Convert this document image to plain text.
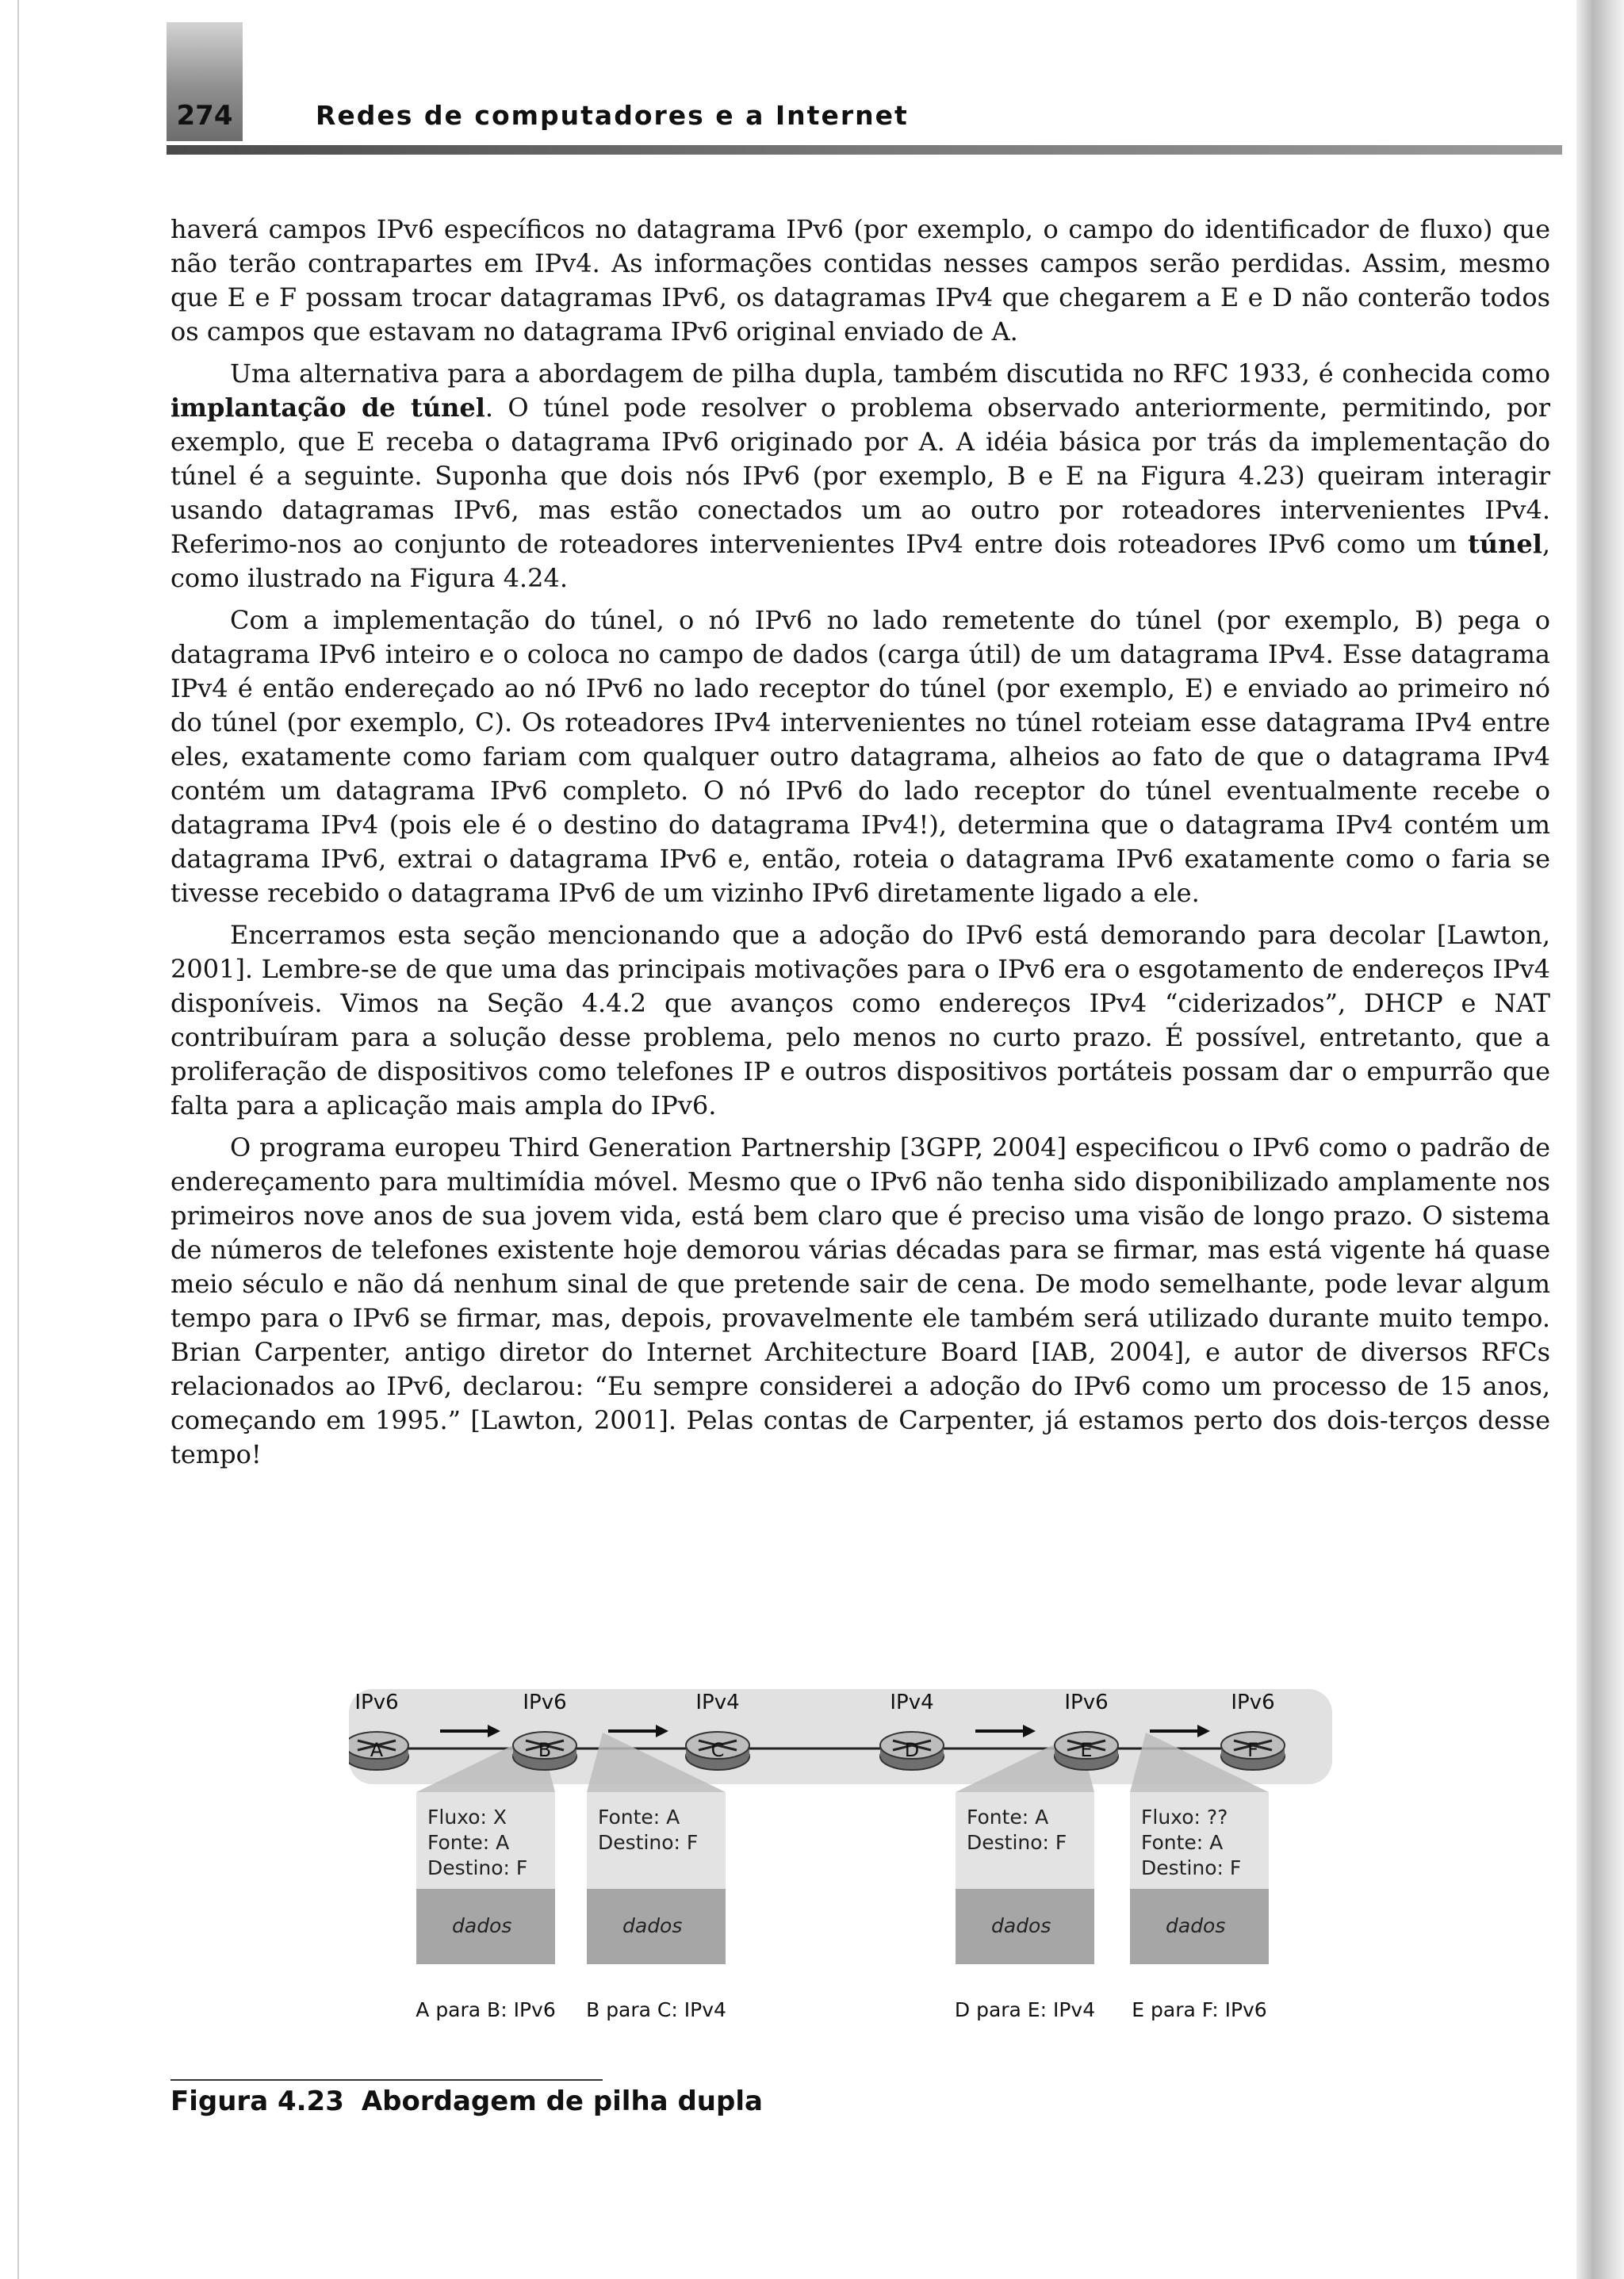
274	Redes de computadores e a Internet

haverá campos IPv6 específicos no datagrama IPv6 (por exemplo, o campo do identificador de fluxo) que não terão contrapartes em IPv4. As informações contidas nesses campos serão perdidas. Assim, mesmo que E e F possam trocar datagramas IPv6, os datagramas IPv4 que chegarem a E e D não conterão todos os campos que estavam no datagrama IPv6 original enviado de A.

Uma alternativa para a abordagem de pilha dupla, também discutida no RFC 1933, é conhecida como implantação de túnel. O túnel pode resolver o problema observado anteriormente, permitindo, por exemplo, que E receba o datagrama IPv6 originado por A. A idéia básica por trás da implementação do túnel é a seguinte. Suponha que dois nós IPv6 (por exemplo, B e E na Figura 4.23) queiram interagir usando datagramas IPv6, mas estão conectados um ao outro por roteadores intervenientes IPv4. Referimo-nos ao conjunto de roteadores intervenientes IPv4 entre dois roteadores IPv6 como um túnel, como ilustrado na Figura 4.24.

Com a implementação do túnel, o nó IPv6 no lado remetente do túnel (por exemplo, B) pega o datagrama IPv6 inteiro e o coloca no campo de dados (carga útil) de um datagrama IPv4. Esse datagrama IPv4 é então endereçado ao nó IPv6 no lado receptor do túnel (por exemplo, E) e enviado ao primeiro nó do túnel (por exemplo, C). Os roteadores IPv4 intervenientes no túnel roteiam esse datagrama IPv4 entre eles, exatamente como fariam com qualquer outro datagrama, alheios ao fato de que o datagrama IPv4 contém um datagrama IPv6 completo. O nó IPv6 do lado receptor do túnel eventualmente recebe o datagrama IPv4 (pois ele é o destino do datagrama IPv4!), determina que o datagrama IPv4 contém um datagrama IPv6, extrai o datagrama IPv6 e, então, roteia o datagrama IPv6 exatamente como o faria se tivesse recebido o datagrama IPv6 de um vizinho IPv6 diretamente ligado a ele.

Encerramos esta seção mencionando que a adoção do IPv6 está demorando para decolar [Lawton, 2001]. Lembre-se de que uma das principais motivações para o IPv6 era o esgotamento de endereços IPv4 disponíveis. Vimos na Seção 4.4.2 que avanços como endereços IPv4 “ciderizados”, DHCP e NAT contribuíram para a solução desse problema, pelo menos no curto prazo. É possível, entretanto, que a proliferação de dispositivos como telefones IP e outros dispositivos portáteis possam dar o empurrão que falta para a aplicação mais ampla do IPv6.

O programa europeu Third Generation Partnership [3GPP, 2004] especificou o IPv6 como o padrão de endereçamento para multimídia móvel. Mesmo que o IPv6 não tenha sido disponibilizado amplamente nos primeiros nove anos de sua jovem vida, está bem claro que é preciso uma visão de longo prazo. O sistema de números de telefones existente hoje demorou várias décadas para se firmar, mas está vigente há quase meio século e não dá nenhum sinal de que pretende sair de cena. De modo semelhante, pode levar algum tempo para o IPv6 se firmar, mas, depois, provavelmente ele também será utilizado durante muito tempo. Brian Carpenter, antigo diretor do Internet Architecture Board [IAB, 2004], e autor de diversos RFCs relacionados ao IPv6, declarou: “Eu sempre considerei a adoção do IPv6 como um processo de 15 anos, começando em 1995.” [Lawton, 2001]. Pelas contas de Carpenter, já estamos perto dos dois-terços desse tempo!

Fluxo: X
Fonte: A
Destino: F
dados
A para B: IPv6
Fonte: A
Destino: F
dados
B para C: IPv4
Fonte: A
Destino: F
dados
D para E: IPv4
Fluxo: ??
Fonte: A
Destino: F
dados
E para F: IPv6
IPv6
A
IPv6
B
IPv4
C
IPv4
D
IPv6
E
IPv6
F
Figura 4.23 Abordagem de pilha dupla
